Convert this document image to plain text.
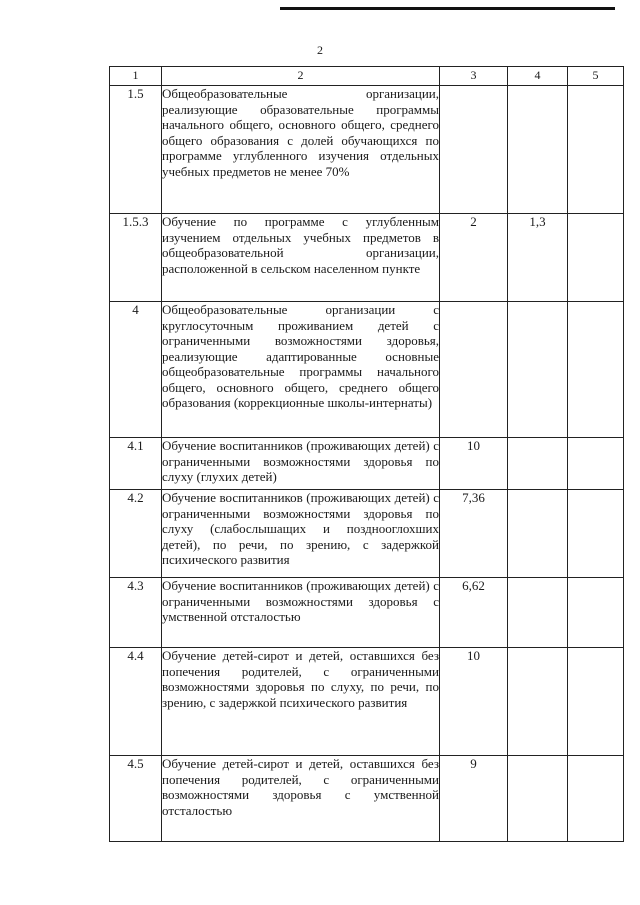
2
1	2	3	4	5
1.5	Общеобразовательные организации, реализующие образовательные программы начального общего, основного общего, среднего общего образования с долей обучающихся по программе углубленного изучения отдельных учебных предметов не менее 70%			
1.5.3	Обучение по программе с углубленным изучением отдельных учебных предметов в общеобразовательной организации, расположенной в сельском населенном пункте	2	1,3	
4	Общеобразовательные организации с круглосуточным проживанием детей с ограниченными возможностями здоровья, реализующие адаптированные основные общеобразовательные программы начального общего, основного общего, среднего общего образования (коррекционные школы-интернаты)			
4.1	Обучение воспитанников (проживающих детей) с ограниченными возможностями здоровья по слуху (глухих детей)	10		
4.2	Обучение воспитанников (проживающих детей) с ограниченными возможностями здоровья по слуху (слабослышащих и позднооглохших детей), по речи, по зрению, с задержкой психического развития	7,36		
4.3	Обучение воспитанников (проживающих детей) с ограниченными возможностями здоровья с умственной отсталостью	6,62		
4.4	Обучение детей-сирот и детей, оставшихся без попечения родителей, с ограниченными возможностями здоровья по слуху, по речи, по зрению, с задержкой психического развития	10		
4.5	Обучение детей-сирот и детей, оставшихся без попечения родителей, с ограниченными возможностями здоровья с умственной отсталостью	9		
